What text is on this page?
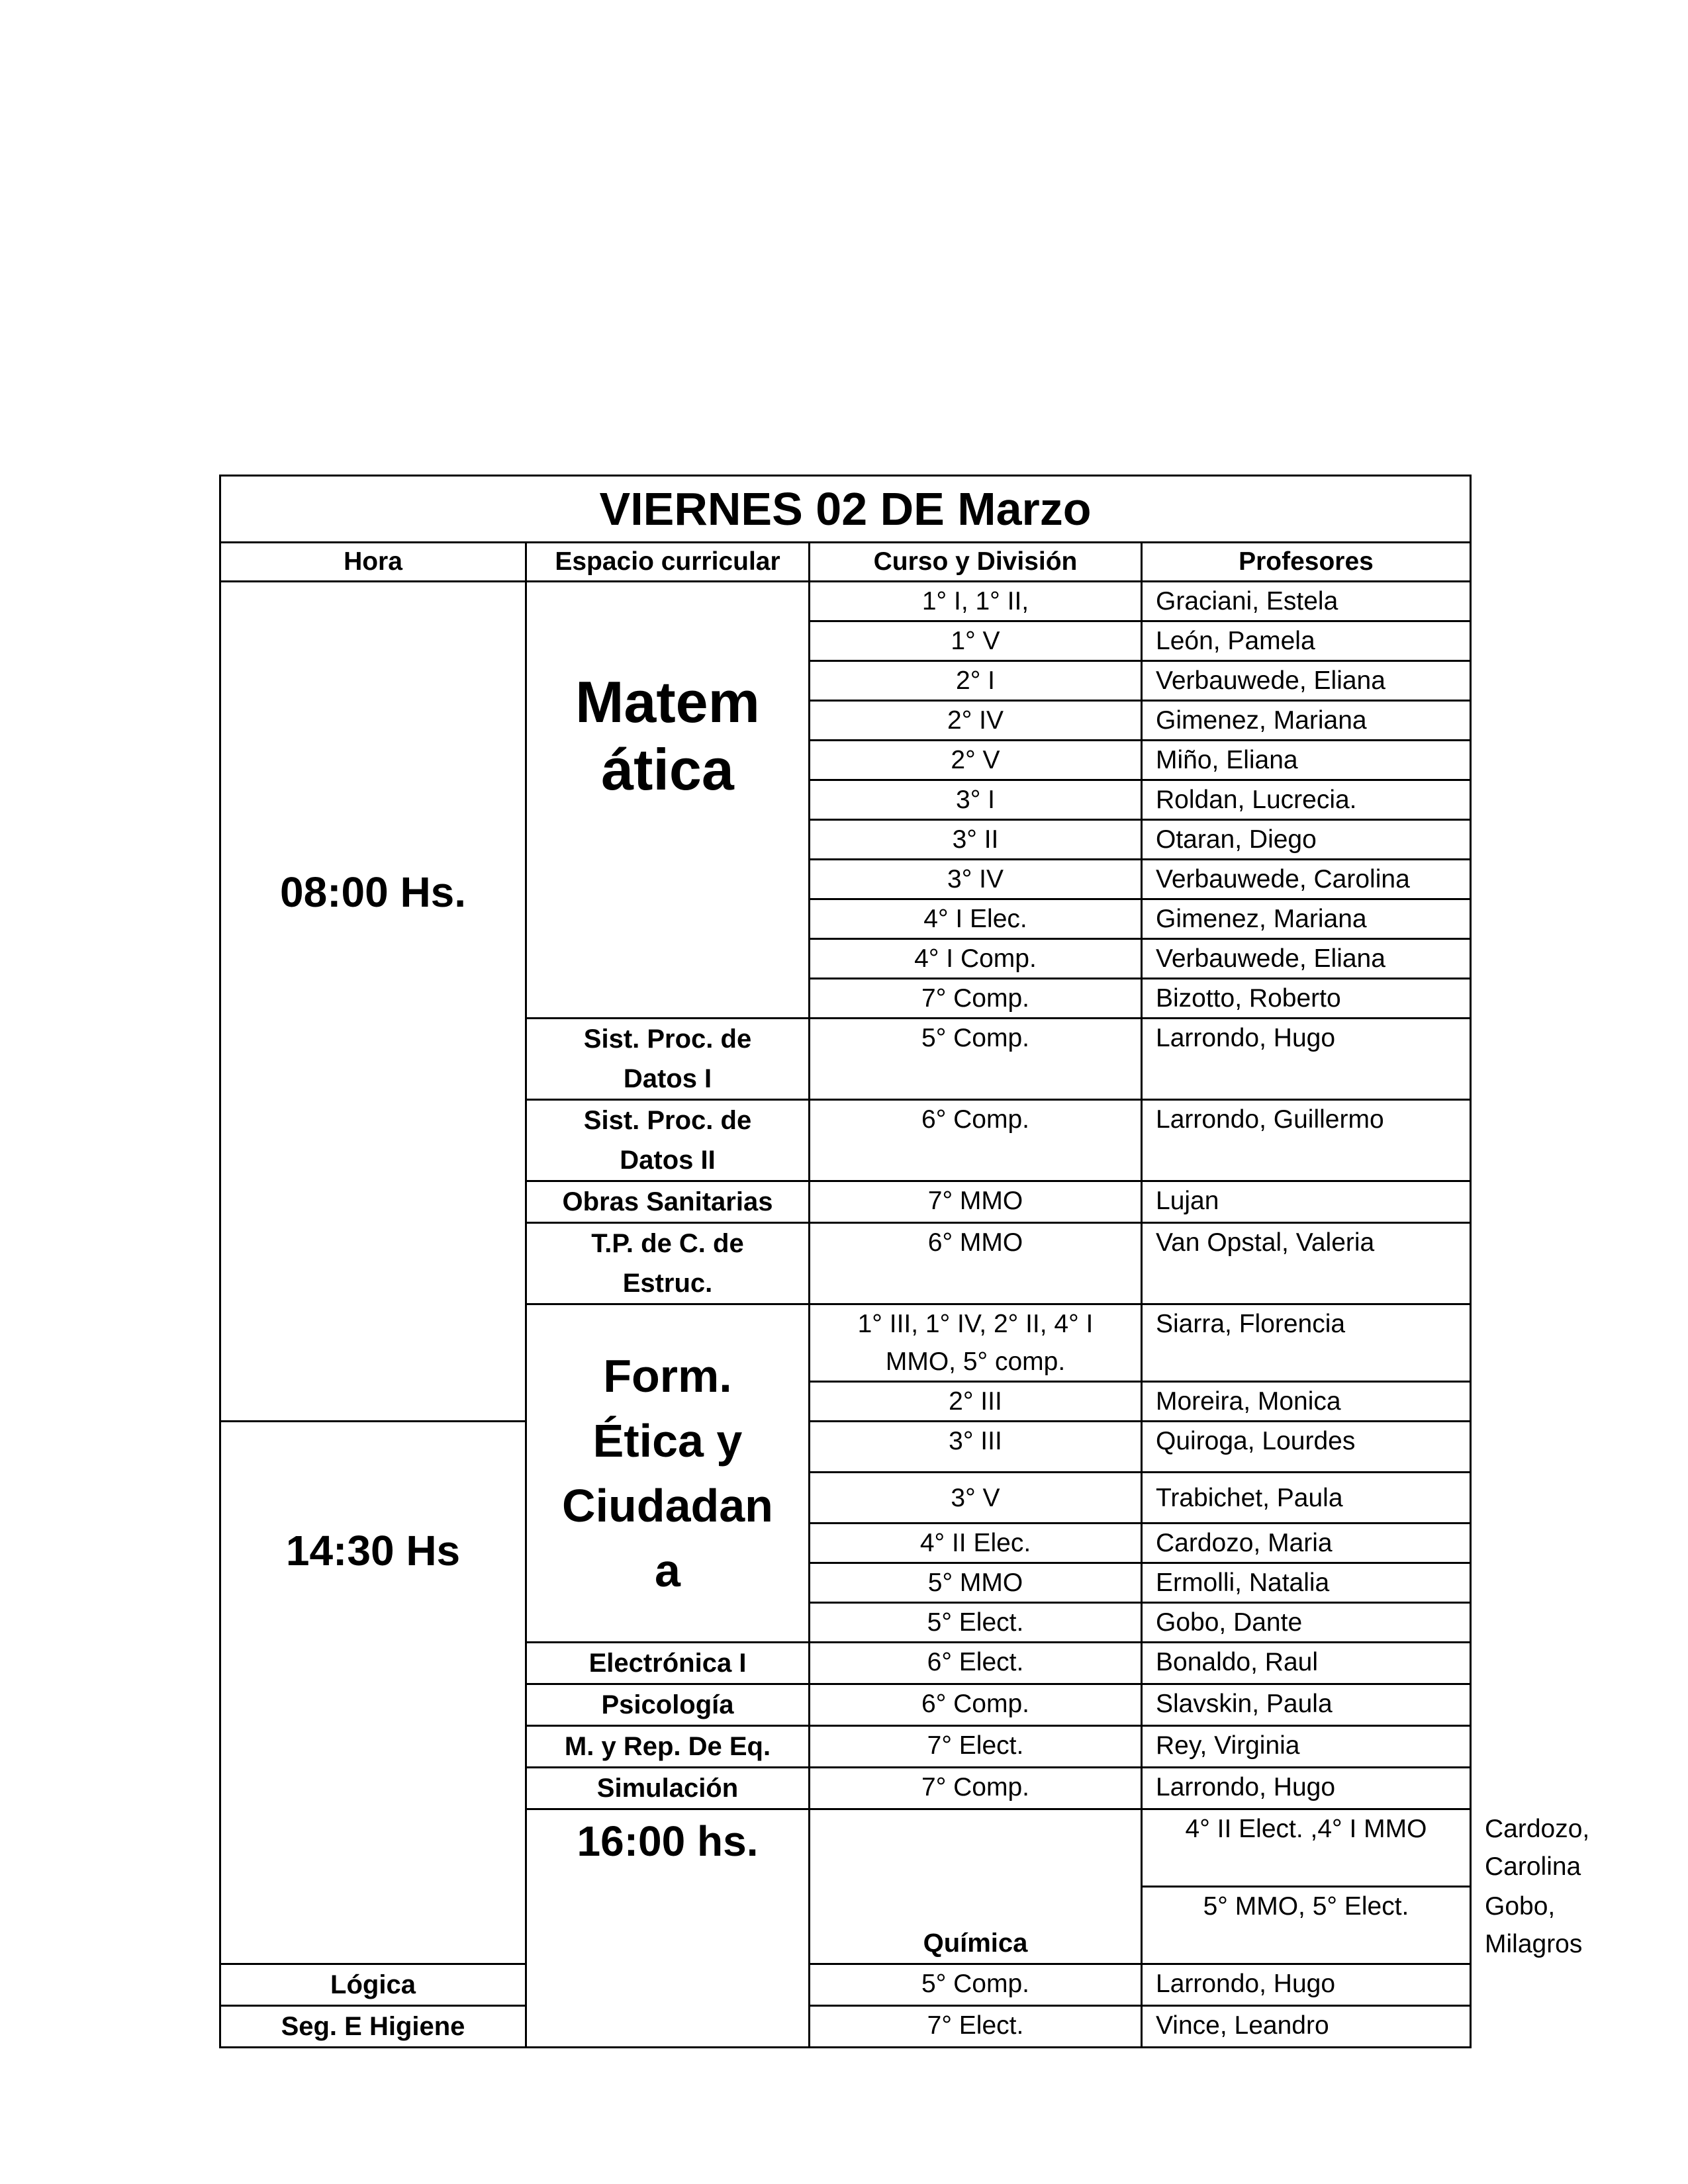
VIERNES 02 DE Marzo				
Hora	Espacio curricular	Curso y División	Profesores	
08:00 Hs.	Matem ática	1° I, 1° II,	Graciani, Estela	
		1° V	León, Pamela	
		2° I	Verbauwede, Eliana	
		2° IV	Gimenez, Mariana	
		2° V	Miño, Eliana	
		3° I	Roldan, Lucrecia.	
		3° II	Otaran, Diego	
		3° IV	Verbauwede, Carolina	
		4° I Elec.	Gimenez, Mariana	
		4° I Comp.	Verbauwede, Eliana	
		7° Comp.	Bizotto, Roberto	
	Sist. Proc. de Datos I	5° Comp.	Larrondo, Hugo	
	Sist. Proc. de Datos II	6° Comp.	Larrondo, Guillermo	
	Obras Sanitarias	7° MMO	Lujan	
	T.P. de C. de Estruc.	6° MMO	Van Opstal, Valeria	
	Form. Ética y Ciudadan a	1° III, 1° IV, 2° II, 4° I MMO, 5° comp.	Siarra, Florencia	
		2° III	Moreira, Monica	
14:30 Hs		3° III	Quiroga, Lourdes	
		3° V	Trabichet, Paula	
		4° II Elec.	Cardozo, Maria	
		5° MMO	Ermolli, Natalia	
		5° Elect.	Gobo, Dante	
	Electrónica I	6° Elect.	Bonaldo, Raul	
	Psicología	6° Comp.	Slavskin, Paula	
	M. y Rep. De Eq.	7° Elect.	Rey, Virginia	
	Simulación	7° Comp.	Larrondo, Hugo	
	16:00 hs.	Química	4° II Elect. ,4° I MMO	Cardozo, Carolina
			5° MMO, 5° Elect.	Gobo, Milagros
Lógica		5° Comp.	Larrondo, Hugo	
Seg. E Higiene		7° Elect.	Vince, Leandro	
